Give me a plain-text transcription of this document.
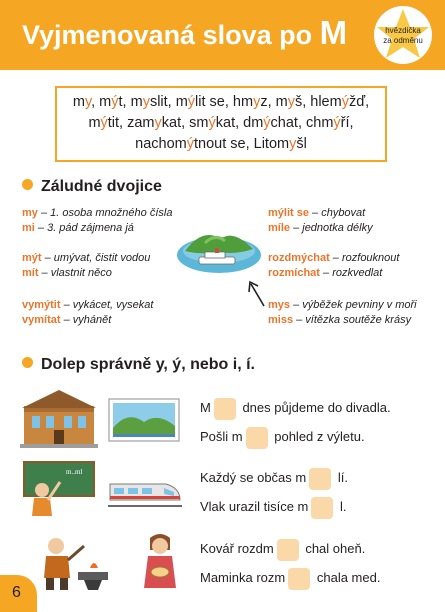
Vyjmenovaná slova po M	hvězdička
za odměnu
my, mýt, myslit, mýlit se, hmyz, myš, hlemýžď,
mýtit, zamykat, smýkat, dmýchat, chmýří,
nachomýtnout se, Litomyšl
Záludné dvojice
my – 1. osoba množného čísla
mi – 3. pád zájmena já
mýt – umývat, čistit vodou
mít – vlastnit něco
vymýtit – vykácet, vysekat
vymítat – vyhánět
mýlit se – chybovat
míle – jednotka délky
rozdmýchat – rozfouknout
rozmíchat – rozkvedlat
mys – výběžek pevniny v moři
miss – vítězka soutěže krásy
Dolep správně y, ý, nebo i, í.
m..ml
M dnes půjdeme do divadla.
Pošli m pohled z výletu.
Každý se občas m lí.
Vlak urazil tisíce m l.
Kovář rozdm chal oheň.
Maminka rozm chala med.
6
